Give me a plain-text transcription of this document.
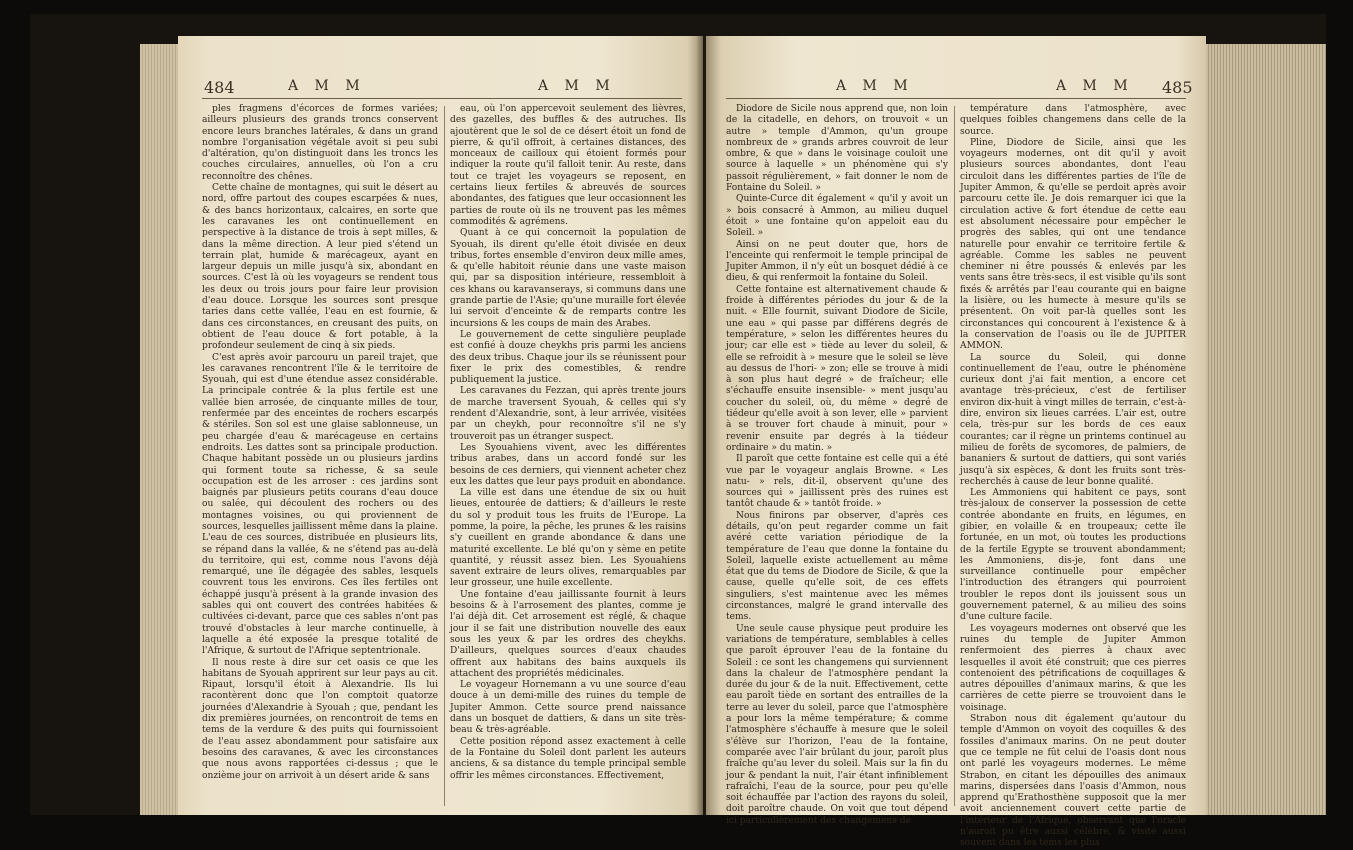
484	A M M	A M M

ples fragmens d'écorces de formes variées; ailleurs plusieurs des grands troncs conservent encore leurs branches latérales, & dans un grand nombre l'organisation végétale avoit si peu subi d'altération, qu'on distinguoit dans les troncs les couches circulaires, annuelles, où l'on a cru reconnoître des chênes.

Cette chaîne de montagnes, qui suit le désert au nord, offre partout des coupes escarpées & nues, & des bancs horizontaux, calcaires, en sorte que les caravanes les ont continuellement en perspective à la distance de trois à sept milles, & dans la même direction. A leur pied s'étend un terrain plat, humide & marécageux, ayant en largeur depuis un mille jusqu'à six, abondant en sources. C'est là où les voyageurs se rendent tous les deux ou trois jours pour faire leur provision d'eau douce. Lorsque les sources sont presque taries dans cette vallée, l'eau en est fournie, & dans ces circonstances, en creusant des puits, on obtient de l'eau douce & fort potable, à la profondeur seulement de cinq à six pieds.

C'est après avoir parcouru un pareil trajet, que les caravanes rencontrent l'île & le territoire de Syouah, qui est d'une étendue assez considérable. La principale contrée & la plus fertile est une vallée bien arrosée, de cinquante milles de tour, renfermée par des enceintes de rochers escarpés & stériles. Son sol est une glaise sablonneuse, un peu chargée d'eau & marécageuse en certains endroits. Les dattes sont sa principale production. Chaque habitant possède un ou plusieurs jardins qui forment toute sa richesse, & sa seule occupation est de les arroser : ces jardins sont baignés par plusieurs petits courans d'eau douce ou salée, qui découlent des rochers ou des montagnes voisines, ou qui proviennent de sources, lesquelles jaillissent même dans la plaine. L'eau de ces sources, distribuée en plusieurs lits, se répand dans la vallée, & ne s'étend pas au-delà du territoire, qui est, comme nous l'avons déjà remarqué, une île dégagée des sables, lesquels couvrent tous les environs. Ces îles fertiles ont échappé jusqu'à présent à la grande invasion des sables qui ont couvert des contrées habitées & cultivées ci-devant, parce que ces sables n'ont pas trouvé d'obstacles à leur marche continuelle, à laquelle a été exposée la presque totalité de l'Afrique, & surtout de l'Afrique septentrionale.

Il nous reste à dire sur cet oasis ce que les habitans de Syouah apprirent sur leur pays au cit. Ripaut, lorsqu'il étoit à Alexandrie. Ils lui racontèrent donc que l'on comptoit quatorze journées d'Alexandrie à Syouah ; que, pendant les dix premières journées, on rencontroit de tems en tems de la verdure & des puits qui fournissoient de l'eau assez abondamment pour satisfaire aux besoins des caravanes, & avec les circonstances que nous avons rapportées ci-dessus ; que le onzième jour on arrivoit à un désert aride & sans

eau, où l'on appercevoit seulement des lièvres, des gazelles, des buffles & des autruches. Ils ajoutèrent que le sol de ce désert étoit un fond de pierre, & qu'il offroit, à certaines distances, des monceaux de cailloux qui étoient formés pour indiquer la route qu'il falloit tenir. Au reste, dans tout ce trajet les voyageurs se reposent, en certains lieux fertiles & abreuvés de sources abondantes, des fatigues que leur occasionnent les parties de route où ils ne trouvent pas les mêmes commodités & agrémens.

Quant à ce qui concernoit la population de Syouah, ils dirent qu'elle étoit divisée en deux tribus, fortes ensemble d'environ deux mille ames, & qu'elle habitoit réunie dans une vaste maison qui, par sa disposition intérieure, ressembloit à ces khans ou karavanserays, si communs dans une grande partie de l'Asie; qu'une muraille fort élevée lui servoit d'enceinte & de remparts contre les incursions & les coups de main des Arabes.

Le gouvernement de cette singulière peuplade est confié à douze cheykhs pris parmi les anciens des deux tribus. Chaque jour ils se réunissent pour fixer le prix des comestibles, & rendre publiquement la justice.

Les caravanes du Fezzan, qui après trente jours de marche traversent Syouah, & celles qui s'y rendent d'Alexandrie, sont, à leur arrivée, visitées par un cheykh, pour reconnoître s'il ne s'y trouveroit pas un étranger suspect.

Les Syouahiens vivent, avec les différentes tribus arabes, dans un accord fondé sur les besoins de ces derniers, qui viennent acheter chez eux les dattes que leur pays produit en abondance.

La ville est dans une étendue de six ou huit lieues, entourée de dattiers; & d'ailleurs le reste du sol y produit tous les fruits de l'Europe. La pomme, la poire, la pêche, les prunes & les raisins s'y cueillent en grande abondance & dans une maturité excellente. Le blé qu'on y sème en petite quantité, y réussit assez bien. Les Syouahiens savent extraire de leurs olives, remarquables par leur grosseur, une huile excellente.

Une fontaine d'eau jaillissante fournit à leurs besoins & à l'arrosement des plantes, comme je l'ai déjà dit. Cet arrosement est réglé, & chaque jour il se fait une distribution nouvelle des eaux sous les yeux & par les ordres des cheykhs. D'ailleurs, quelques sources d'eaux chaudes offrent aux habitans des bains auxquels ils attachent des propriétés médicinales.

Le voyageur Hornemann a vu une source d'eau douce à un demi-mille des ruines du temple de Jupiter Ammon. Cette source prend naissance dans un bosquet de dattiers, & dans un site très-beau & très-agréable.

Cette position répond assez exactement à celle de la Fontaine du Soleil dont parlent les auteurs anciens, & sa distance du temple principal semble offrir les mêmes circonstances. Effectivement,

A M M	A M M 485

Diodore de Sicile nous apprend que, non loin de la citadelle, en dehors, on trouvoit « un autre » temple d'Ammon, qu'un groupe nombreux de » grands arbres couvroit de leur ombre, & que » dans le voisinage couloit une source à laquelle » un phénomène qui s'y passoit régulièrement, » fait donner le nom de Fontaine du Soleil. »

Quinte-Curce dit également « qu'il y avoit un » bois consacré à Ammon, au milieu duquel étoit » une fontaine qu'on appeloit eau du Soleil. »

Ainsi on ne peut douter que, hors de l'enceinte qui renfermoit le temple principal de Jupiter Ammon, il n'y eût un bosquet dédié à ce dieu, & qui renfermoit la fontaine du Soleil.

Cette fontaine est alternativement chaude & froide à différentes périodes du jour & de la nuit. « Elle fournit, suivant Diodore de Sicile, une eau » qui passe par différens degrés de température, » selon les différentes heures du jour; car elle est » tiède au lever du soleil, & elle se refroidit à » mesure que le soleil se lève au dessus de l'hori- » zon; elle se trouve à midi à son plus haut degré » de fraîcheur; elle s'échauffe ensuite insensible- » ment jusqu'au coucher du soleil, où, du même » degré de tiédeur qu'elle avoit à son lever, elle » parvient à se trouver fort chaude à minuit, pour » revenir ensuite par degrés à la tiédeur ordinaire » du matin. »

Il paroît que cette fontaine est celle qui a été vue par le voyageur anglais Browne. « Les natu- » rels, dit-il, observent qu'une des sources qui » jaillissent près des ruines est tantôt chaude & » tantôt froide. »

Nous finirons par observer, d'après ces détails, qu'on peut regarder comme un fait avéré cette variation périodique de la température de l'eau que donne la fontaine du Soleil, laquelle existe actuellement au même état que du tems de Diodore de Sicile, & que la cause, quelle qu'elle soit, de ces effets singuliers, s'est maintenue avec les mêmes circonstances, malgré le grand intervalle des tems.

Une seule cause physique peut produire les variations de température, semblables à celles que paroît éprouver l'eau de la fontaine du Soleil : ce sont les changemens qui surviennent dans la chaleur de l'atmosphère pendant la durée du jour & de la nuit. Effectivement, cette eau paroît tiède en sortant des entrailles de la terre au lever du soleil, parce que l'atmosphère a pour lors la même température; & comme l'atmosphère s'échauffe à mesure que le soleil s'élève sur l'horizon, l'eau de la fontaine, comparée avec l'air brûlant du jour, paroît plus fraîche qu'au lever du soleil. Mais sur la fin du jour & pendant la nuit, l'air étant infiniblement rafraîchi, l'eau de la source, pour peu qu'elle soit échauffée par l'action des rayons du soleil, doit paroître chaude. On voit que tout dépend ici particulièrement des changemens de

température dans l'atmosphère, avec quelques foibles changemens dans celle de la source.

Pline, Diodore de Sicile, ainsi que les voyageurs modernes, ont dit qu'il y avoit plusieurs sources abondantes, dont l'eau circuloit dans les différentes parties de l'île de Jupiter Ammon, & qu'elle se perdoit après avoir parcouru cette île. Je dois remarquer ici que la circulation active & fort étendue de cette eau est absolument nécessaire pour empêcher le progrès des sables, qui ont une tendance naturelle pour envahir ce territoire fertile & agréable. Comme les sables ne peuvent cheminer ni être poussés & enlevés par les vents sans être très-secs, il est visible qu'ils sont fixés & arrêtés par l'eau courante qui en baigne la lisière, ou les humecte à mesure qu'ils se présentent. On voit par-là quelles sont les circonstances qui concourent à l'existence & à la conservation de l'oasis ou île de JUPITER AMMON.

La source du Soleil, qui donne continuellement de l'eau, outre le phénomène curieux dont j'ai fait mention, a encore cet avantage très-précieux, c'est de fertiliser environ dix-huit à vingt milles de terrain, c'est-à-dire, environ six lieues carrées. L'air est, outre cela, très-pur sur les bords de ces eaux courantes; car il règne un printems continuel au milieu de forêts de sycomores, de palmiers, de bananiers & surtout de dattiers, qui sont variés jusqu'à six espèces, & dont les fruits sont très-recherchés à cause de leur bonne qualité.

Les Ammoniens qui habitent ce pays, sont très-jaloux de conserver la possession de cette contrée abondante en fruits, en légumes, en gibier, en volaille & en troupeaux; cette île fortunée, en un mot, où toutes les productions de la fertile Egypte se trouvent abondamment; les Ammoniens, dis-je, font dans une surveillance continuelle pour empêcher l'introduction des étrangers qui pourroient troubler le repos dont ils jouissent sous un gouvernement paternel, & au milieu des soins d'une culture facile.

Les voyageurs modernes ont observé que les ruines du temple de Jupiter Ammon renfermoient des pierres à chaux avec lesquelles il avoit été construit; que ces pierres contenoient des pétrifications de coquillages & autres dépouilles d'animaux marins, & que les carrières de cette pierre se trouvoient dans le voisinage.

Strabon nous dit également qu'autour du temple d'Ammon on voyoit des coquilles & des fossiles d'animaux marins. On ne peut douter que ce temple ne fût celui de l'oasis dont nous ont parlé les voyageurs modernes. Le même Strabon, en citant les dépouilles des animaux marins, dispersées dans l'oasis d'Ammon, nous apprend qu'Erathosthène supposoit que la mer avoit anciennement couvert cette partie de l'intérieur de l'Afrique, observant que l'oracle n'auroit pu être aussi célèbre, & visité aussi souvent dans les tems les plus
